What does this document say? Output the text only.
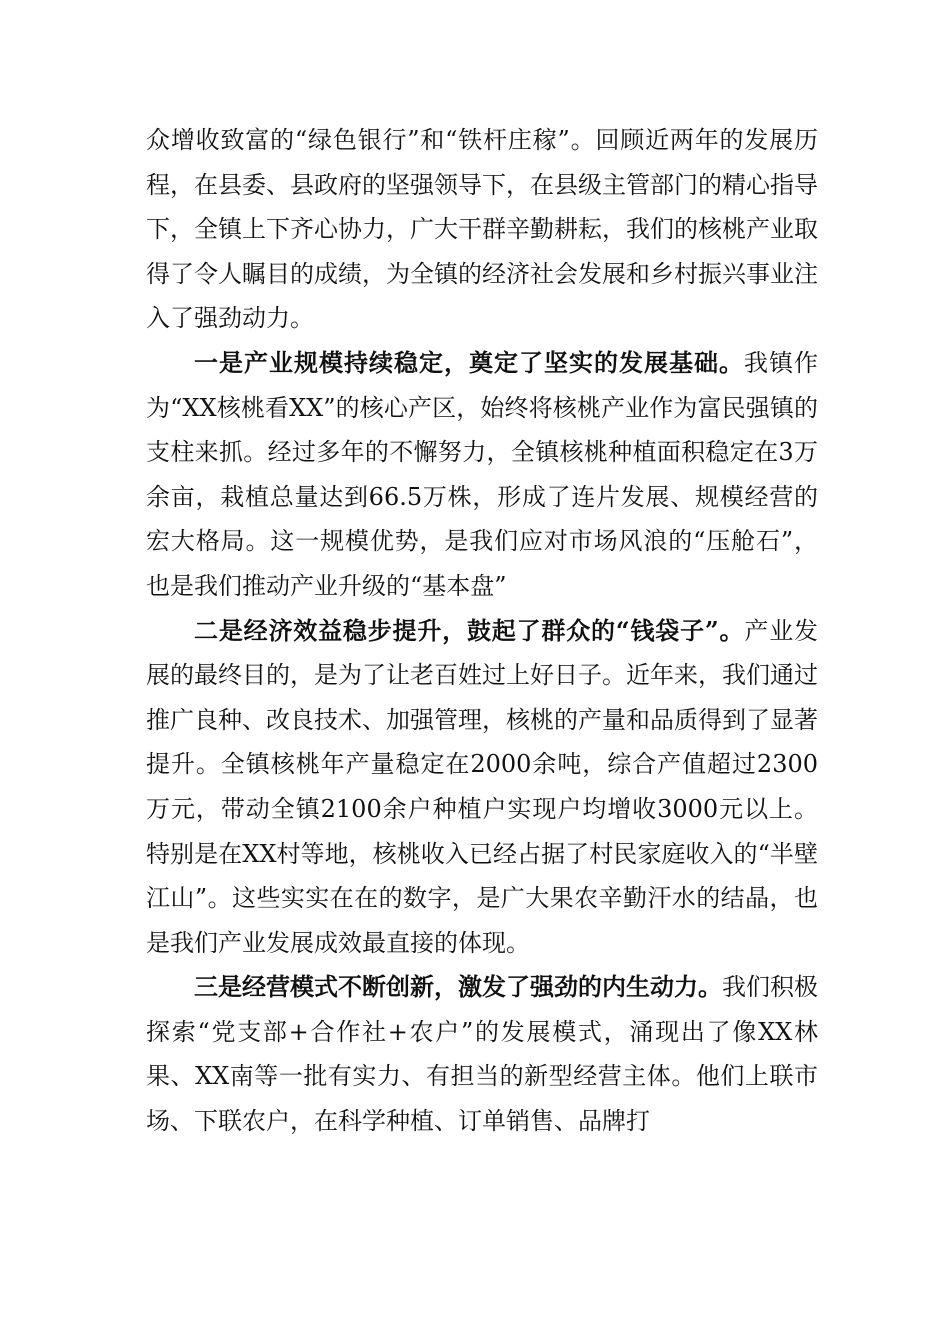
众增收致富的“绿色银行”和“铁杆庄稼”。回顾近两年的发展历程，在县委、县政府的坚强领导下，在县级主管部门的精心指导下，全镇上下齐心协力，广大干群辛勤耕耘，我们的核桃产业取得了令人瞩目的成绩，为全镇的经济社会发展和乡村振兴事业注入了强劲动力。

一是产业规模持续稳定，奠定了坚实的发展基础。我镇作为“XX核桃看XX”的核心产区，始终将核桃产业作为富民强镇的支柱来抓。经过多年的不懈努力，全镇核桃种植面积稳定在3万余亩，栽植总量达到66.5万株，形成了连片发展、规模经营的宏大格局。这一规模优势，是我们应对市场风浪的“压舱石”，也是我们推动产业升级的“基本盘”

二是经济效益稳步提升，鼓起了群众的“钱袋子”。产业发展的最终目的，是为了让老百姓过上好日子。近年来，我们通过推广良种、改良技术、加强管理，核桃的产量和品质得到了显著提升。全镇核桃年产量稳定在2000余吨，综合产值超过2300万元，带动全镇2100余户种植户实现户均增收3000元以上。特别是在XX村等地，核桃收入已经占据了村民家庭收入的“半壁江山”。这些实实在在的数字，是广大果农辛勤汗水的结晶，也是我们产业发展成效最直接的体现。

三是经营模式不断创新，激发了强劲的内生动力。我们积极探索“党支部+合作社+农户”的发展模式，涌现出了像XX林果、XX南等一批有实力、有担当的新型经营主体。他们上联市场、下联农户，在科学种植、订单销售、品牌打
